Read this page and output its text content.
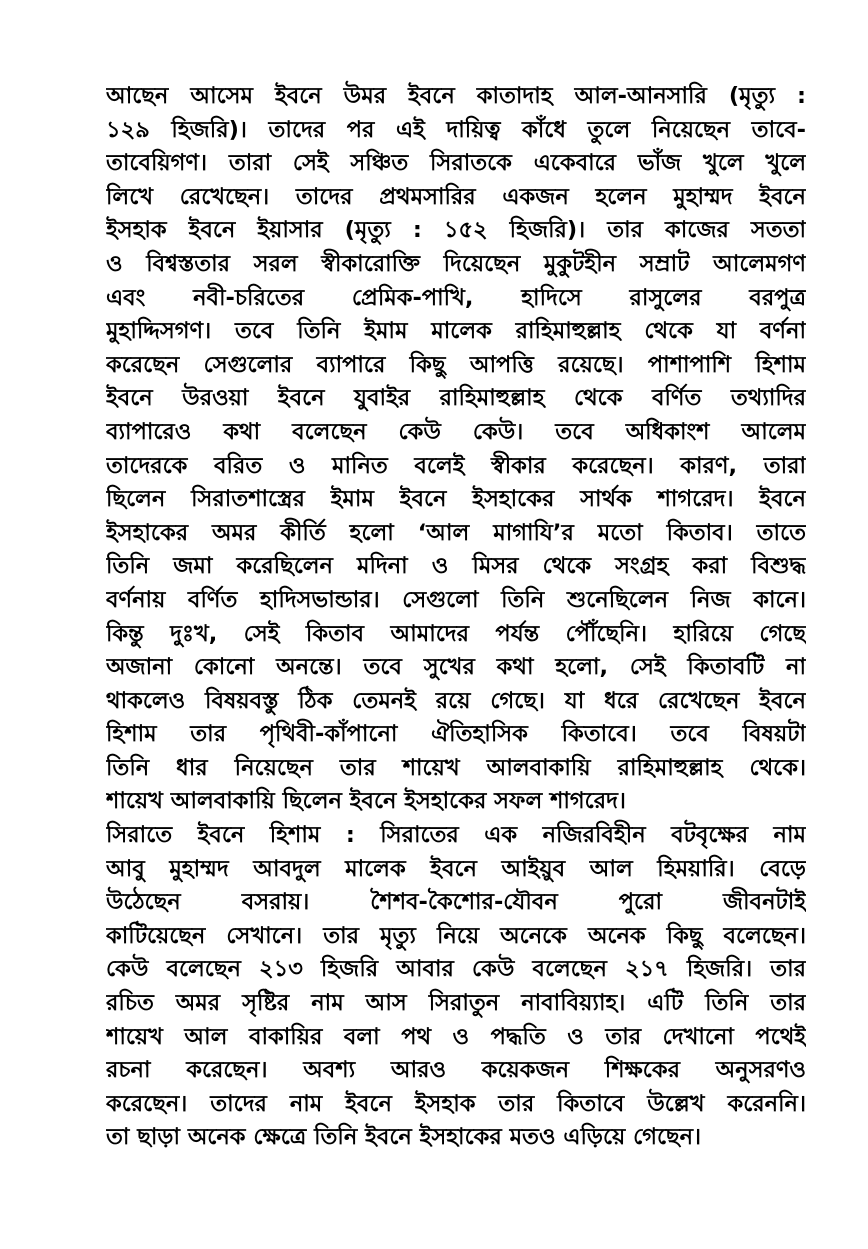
আছেন আসেম ইবনে উমর ইবনে কাতাদাহ আল-আনসারি (মৃত্যু :
১২৯ হিজরি)। তাদের পর এই দায়িত্ব কাঁধে তুলে নিয়েছেন তাবে-
তাবেয়িগণ। তারা সেই সঞ্চিত সিরাতকে একেবারে ভাঁজ খুলে খুলে
লিখে রেখেছেন। তাদের প্রথমসারির একজন হলেন মুহাম্মদ ইবনে
ইসহাক ইবনে ইয়াসার (মৃত্যু : ১৫২ হিজরি)। তার কাজের সততা
ও বিশ্বস্ততার সরল স্বীকারোক্তি দিয়েছেন মুকুটহীন সম্রাট আলেমগণ
এবং নবী-চরিতের প্রেমিক-পাখি, হাদিসে রাসুলের বরপুত্র
মুহাদ্দিসগণ। তবে তিনি ইমাম মালেক রাহিমাহুল্লাহ থেকে যা বর্ণনা
করেছেন সেগুলোর ব্যাপারে কিছু আপত্তি রয়েছে। পাশাপাশি হিশাম
ইবনে উরওয়া ইবনে যুবাইর রাহিমাহুল্লাহ থেকে বর্ণিত তথ্যাদির
ব্যাপারেও কথা বলেছেন কেউ কেউ। তবে অধিকাংশ আলেম
তাদেরকে বরিত ও মানিত বলেই স্বীকার করেছেন। কারণ, তারা
ছিলেন সিরাতশাস্ত্রের ইমাম ইবনে ইসহাকের সার্থক শাগরেদ। ইবনে
ইসহাকের অমর কীর্তি হলো ‘আল মাগাযি’র মতো কিতাব। তাতে
তিনি জমা করেছিলেন মদিনা ও মিসর থেকে সংগ্রহ করা বিশুদ্ধ
বর্ণনায় বর্ণিত হাদিসভান্ডার। সেগুলো তিনি শুনেছিলেন নিজ কানে।
কিন্তু দুঃখ, সেই কিতাব আমাদের পর্যন্ত পৌঁছেনি। হারিয়ে গেছে
অজানা কোনো অনন্তে। তবে সুখের কথা হলো, সেই কিতাবটি না
থাকলেও বিষয়বস্তু ঠিক তেমনই রয়ে গেছে। যা ধরে রেখেছেন ইবনে
হিশাম তার পৃথিবী-কাঁপানো ঐতিহাসিক কিতাবে। তবে বিষয়টা
তিনি ধার নিয়েছেন তার শায়েখ আলবাকায়ি রাহিমাহুল্লাহ থেকে।
শায়েখ আলবাকায়ি ছিলেন ইবনে ইসহাকের সফল শাগরেদ।
সিরাতে ইবনে হিশাম : সিরাতের এক নজিরবিহীন বটবৃক্ষের নাম
আবু মুহাম্মদ আবদুল মালেক ইবনে আইয়ুব আল হিময়ারি। বেড়ে
উঠেছেন বসরায়। শৈশব-কৈশোর-যৌবন পুরো জীবনটাই
কাটিয়েছেন সেখানে। তার মৃত্যু নিয়ে অনেকে অনেক কিছু বলেছেন।
কেউ বলেছেন ২১৩ হিজরি আবার কেউ বলেছেন ২১৭ হিজরি। তার
রচিত অমর সৃষ্টির নাম আস সিরাতুন নাবাবিয়্যাহ। এটি তিনি তার
শায়েখ আল বাকায়ির বলা পথ ও পদ্ধতি ও তার দেখানো পথেই
রচনা করেছেন। অবশ্য আরও কয়েকজন শিক্ষকের অনুসরণও
করেছেন। তাদের নাম ইবনে ইসহাক তার কিতাবে উল্লেখ করেননি।
তা ছাড়া অনেক ক্ষেত্রে তিনি ইবনে ইসহাকের মতও এড়িয়ে গেছেন।
